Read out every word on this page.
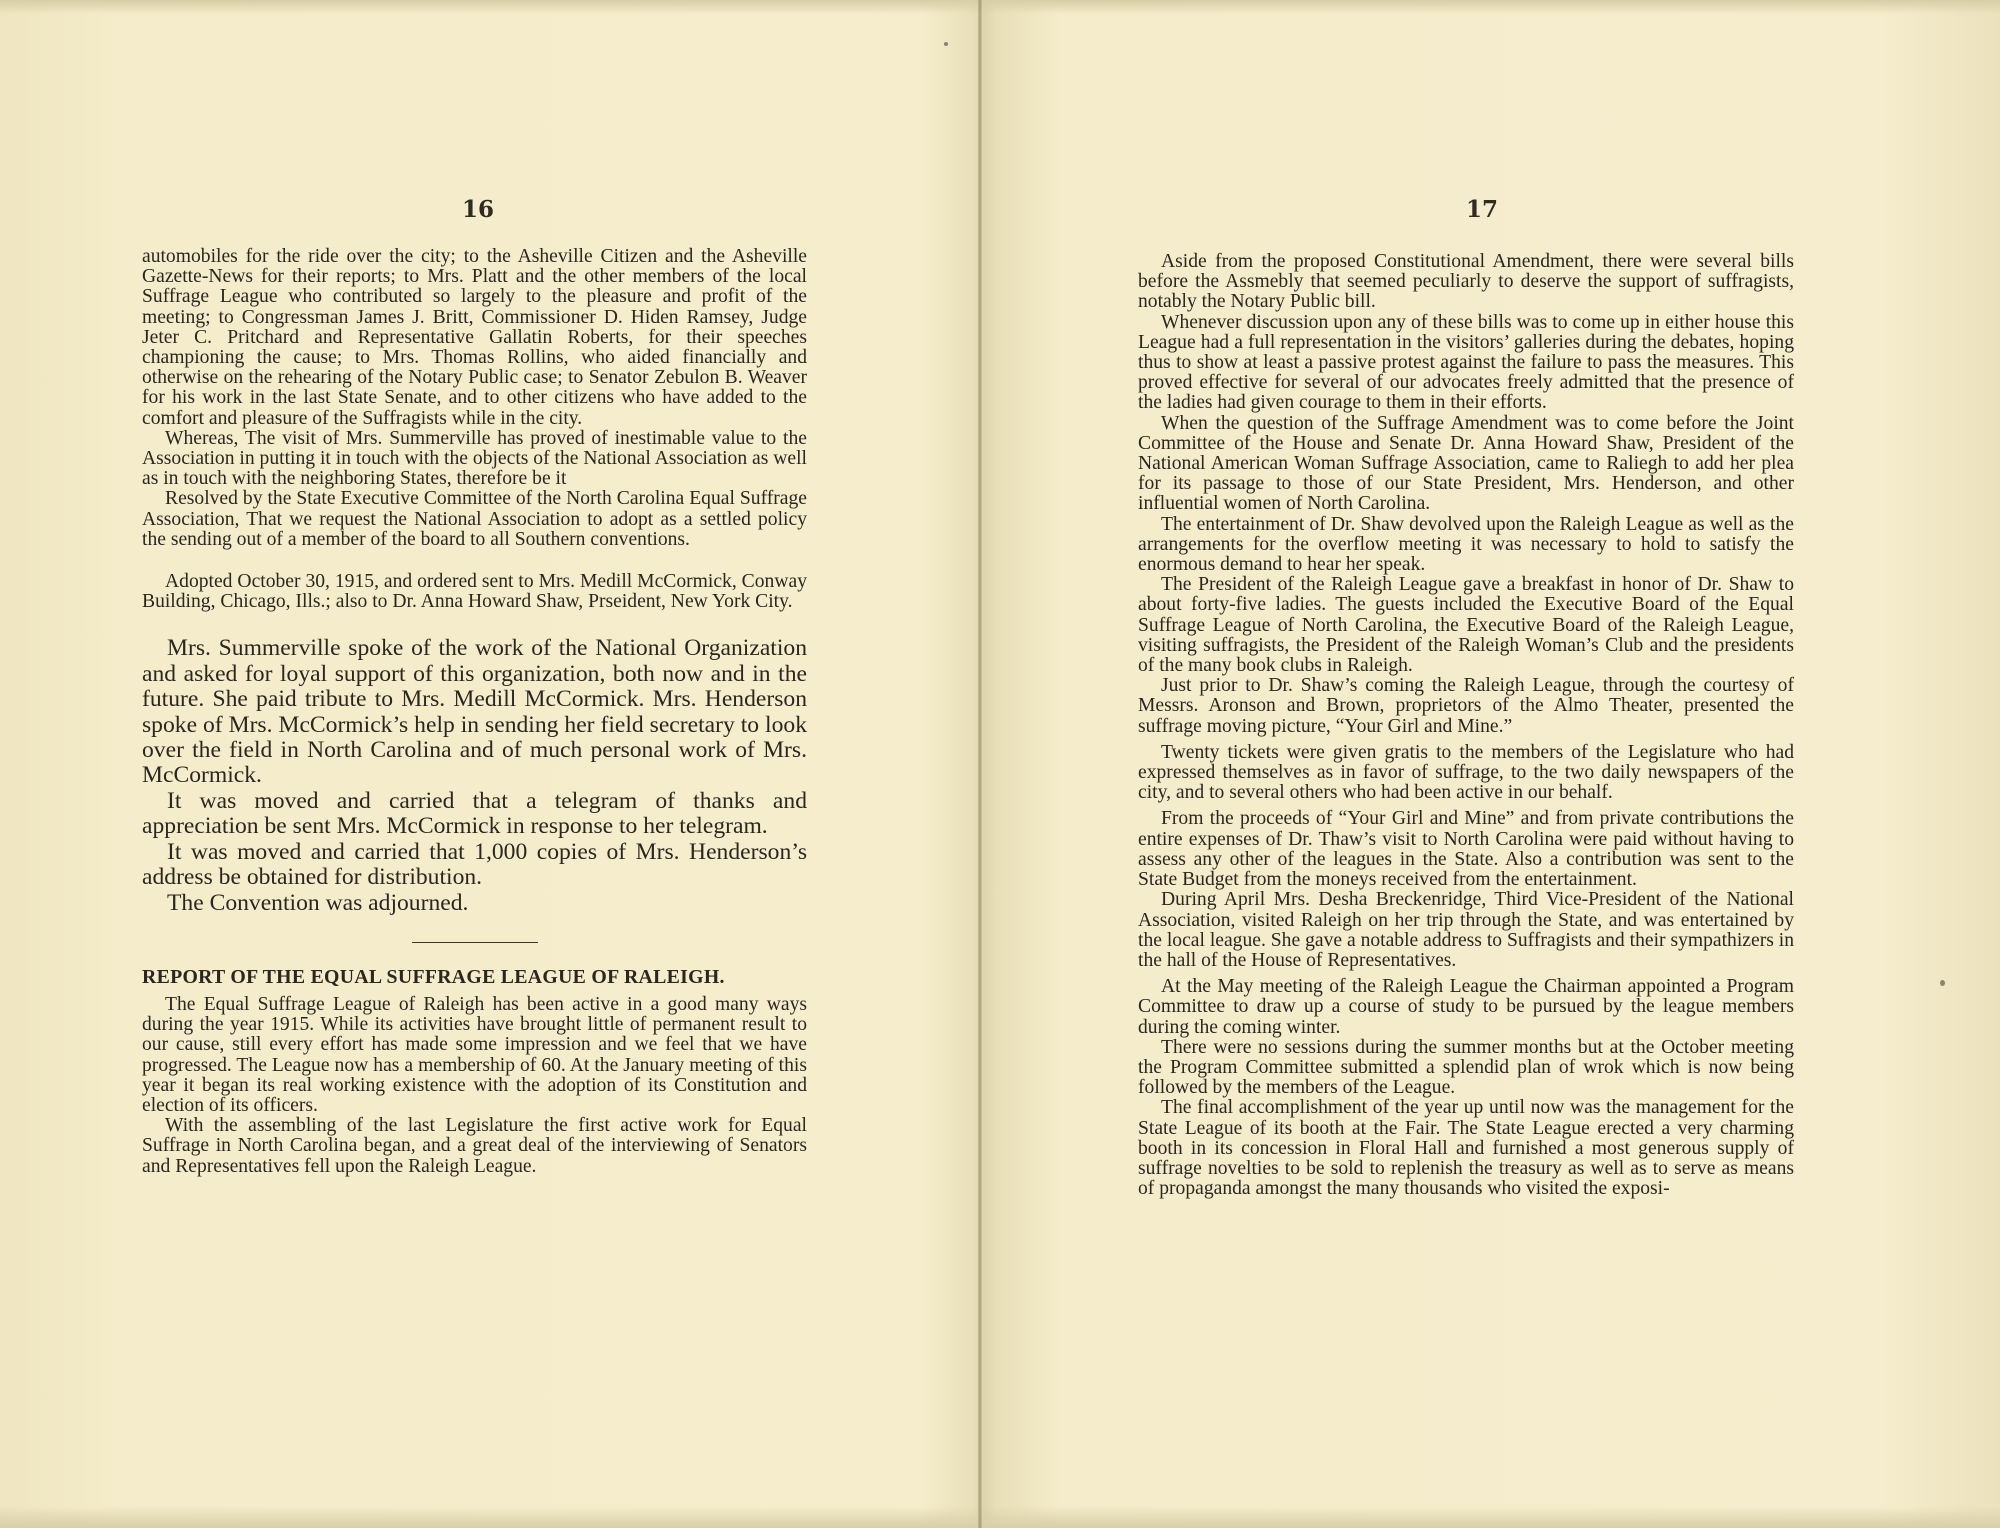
16

automobiles for the ride over the city; to the Asheville Citizen and the Asheville Gazette-News for their reports; to Mrs. Platt and the other members of the local Suffrage League who contributed so largely to the pleasure and profit of the meeting; to Congressman James J. Britt, Commissioner D. Hiden Ramsey, Judge Jeter C. Pritchard and Representative Gallatin Roberts, for their speeches championing the cause; to Mrs. Thomas Rollins, who aided financially and otherwise on the rehearing of the Notary Public case; to Senator Zebulon B. Weaver for his work in the last State Senate, and to other citizens who have added to the comfort and pleasure of the Suffragists while in the city.

Whereas, The visit of Mrs. Summerville has proved of inestimable value to the Association in putting it in touch with the objects of the National Association as well as in touch with the neighboring States, therefore be it

Resolved by the State Executive Committee of the North Carolina Equal Suffrage Association, That we request the National Association to adopt as a settled policy the sending out of a member of the board to all Southern conventions.

Adopted October 30, 1915, and ordered sent to Mrs. Medill McCormick, Conway Building, Chicago, Ills.; also to Dr. Anna Howard Shaw, Prseident, New York City.

Mrs. Summerville spoke of the work of the National Organization and asked for loyal support of this organization, both now and in the future. She paid tribute to Mrs. Medill McCormick. Mrs. Henderson spoke of Mrs. McCormick’s help in sending her field secretary to look over the field in North Carolina and of much personal work of Mrs. McCormick.

It was moved and carried that a telegram of thanks and appreciation be sent Mrs. McCormick in response to her telegram.

It was moved and carried that 1,000 copies of Mrs. Henderson’s address be obtained for distribution.

The Convention was adjourned.

REPORT OF THE EQUAL SUFFRAGE LEAGUE OF RALEIGH.

The Equal Suffrage League of Raleigh has been active in a good many ways during the year 1915. While its activities have brought little of permanent result to our cause, still every effort has made some impression and we feel that we have progressed. The League now has a membership of 60. At the January meeting of this year it began its real working existence with the adoption of its Constitution and election of its officers.

With the assembling of the last Legislature the first active work for Equal Suffrage in North Carolina began, and a great deal of the interviewing of Senators and Representatives fell upon the Raleigh League.

17

Aside from the proposed Constitutional Amendment, there were several bills before the Assmebly that seemed peculiarly to deserve the support of suffragists, notably the Notary Public bill.

Whenever discussion upon any of these bills was to come up in either house this League had a full representation in the visitors’ galleries during the debates, hoping thus to show at least a passive protest against the failure to pass the measures. This proved effective for several of our advocates freely admitted that the presence of the ladies had given courage to them in their efforts.

When the question of the Suffrage Amendment was to come before the Joint Committee of the House and Senate Dr. Anna Howard Shaw, President of the National American Woman Suffrage Association, came to Raliegh to add her plea for its passage to those of our State President, Mrs. Henderson, and other influential women of North Carolina.

The entertainment of Dr. Shaw devolved upon the Raleigh League as well as the arrangements for the overflow meeting it was necessary to hold to satisfy the enormous demand to hear her speak.

The President of the Raleigh League gave a breakfast in honor of Dr. Shaw to about forty-five ladies. The guests included the Executive Board of the Equal Suffrage League of North Carolina, the Executive Board of the Raleigh League, visiting suffragists, the President of the Raleigh Woman’s Club and the presidents of the many book clubs in Raleigh.

Just prior to Dr. Shaw’s coming the Raleigh League, through the courtesy of Messrs. Aronson and Brown, proprietors of the Almo Theater, presented the suffrage moving picture, “Your Girl and Mine.”

Twenty tickets were given gratis to the members of the Legislature who had expressed themselves as in favor of suffrage, to the two daily newspapers of the city, and to several others who had been active in our behalf.

From the proceeds of “Your Girl and Mine” and from private contributions the entire expenses of Dr. Thaw’s visit to North Carolina were paid without having to assess any other of the leagues in the State. Also a contribution was sent to the State Budget from the moneys received from the entertainment.

During April Mrs. Desha Breckenridge, Third Vice-President of the National Association, visited Raleigh on her trip through the State, and was entertained by the local league. She gave a notable address to Suffragists and their sympathizers in the hall of the House of Representatives.

At the May meeting of the Raleigh League the Chairman appointed a Program Committee to draw up a course of study to be pursued by the league members during the coming winter.

There were no sessions during the summer months but at the October meeting the Program Committee submitted a splendid plan of wrok which is now being followed by the members of the League.

The final accomplishment of the year up until now was the management for the State League of its booth at the Fair. The State League erected a very charming booth in its concession in Floral Hall and furnished a most generous supply of suffrage novelties to be sold to replenish the treasury as well as to serve as means of propaganda amongst the many thousands who visited the exposi-
